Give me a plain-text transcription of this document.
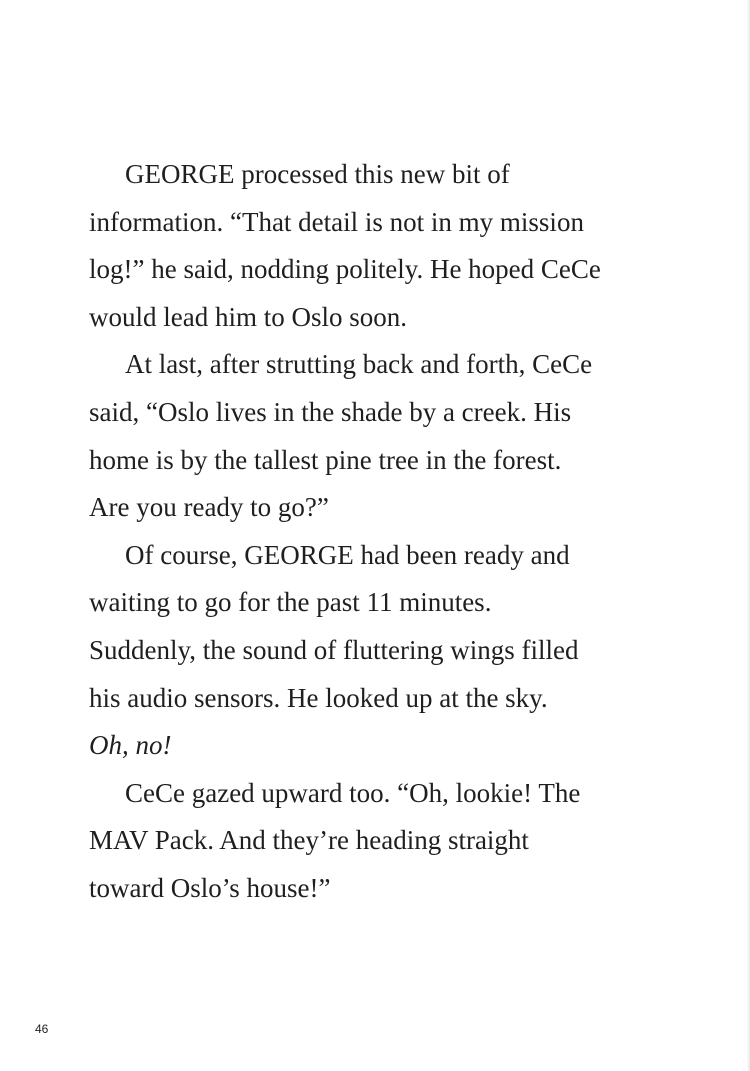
GEORGE processed this new bit of
information. “That detail is not in my mission
log!” he said, nodding politely. He hoped CeCe
would lead him to Oslo soon.
At last, after strutting back and forth, CeCe
said, “Oslo lives in the shade by a creek. His
home is by the tallest pine tree in the forest.
Are you ready to go?”
Of course, GEORGE had been ready and
waiting to go for the past 11 minutes.
Suddenly, the sound of fluttering wings filled
his audio sensors. He looked up at the sky.
Oh, no!
CeCe gazed upward too. “Oh, lookie! The
MAV Pack. And they’re heading straight
toward Oslo’s house!”
46
